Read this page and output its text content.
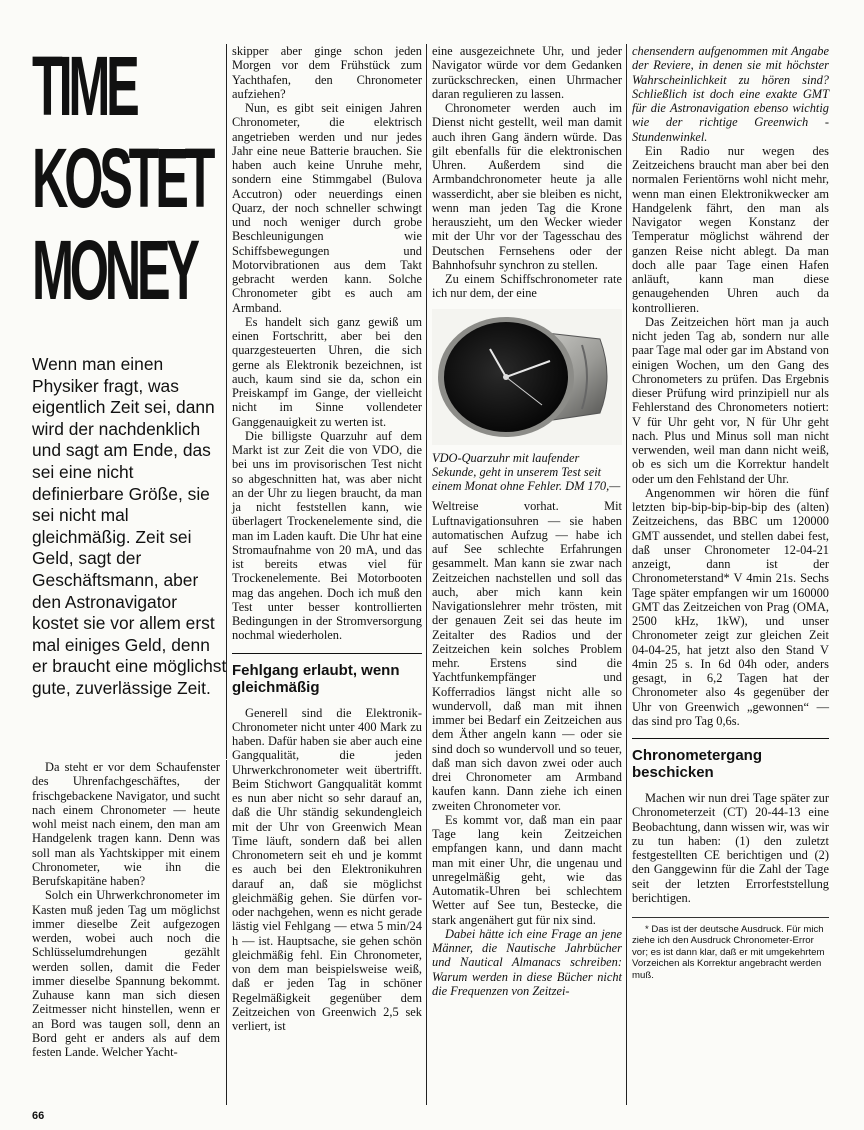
TIME
KOSTET
MONEY
Wenn man einen Physiker fragt, was eigentlich Zeit sei, dann wird der nachdenklich und sagt am Ende, das sei eine nicht definierbare Größe, sie sei nicht mal gleichmäßig. Zeit sei Geld, sagt der Geschäftsmann, aber den Astronavigator kostet sie vor allem erst mal einiges Geld, denn er braucht eine möglichst gute, zuverlässige Zeit.

Da steht er vor dem Schaufenster des Uhrenfachgeschäftes, der frischgebackene Navigator, und sucht nach einem Chronometer — heute wohl meist nach einem, den man am Handgelenk tragen kann. Denn was soll man als Yachtskipper mit einem Chronometer, wie ihn die Berufskapitäne haben?

Solch ein Uhrwerkchronometer im Kasten muß jeden Tag um möglichst immer dieselbe Zeit aufgezogen werden, wobei auch noch die Schlüsselumdrehungen gezählt werden sollen, damit die Feder immer dieselbe Spannung bekommt. Zuhause kann man sich diesen Zeitmesser nicht hinstellen, wenn er an Bord was taugen soll, denn an Bord geht er anders als auf dem festen Lande. Welcher Yacht-

skipper aber ginge schon jeden Morgen vor dem Frühstück zum Yachthafen, den Chronometer aufziehen?

Nun, es gibt seit einigen Jahren Chronometer, die elektrisch angetrieben werden und nur jedes Jahr eine neue Batterie brauchen. Sie haben auch keine Unruhe mehr, sondern eine Stimmgabel (Bulova Accutron) oder neuerdings einen Quarz, der noch schneller schwingt und noch weniger durch grobe Beschleunigungen wie Schiffsbewegungen und Motorvibrationen aus dem Takt gebracht werden kann. Solche Chronometer gibt es auch am Armband.

Es handelt sich ganz gewiß um einen Fortschritt, aber bei den quarzgesteuerten Uhren, die sich gerne als Elektronik bezeichnen, ist auch, kaum sind sie da, schon ein Preiskampf im Gange, der vielleicht nicht im Sinne vollendeter Ganggenauigkeit zu werten ist.

Die billigste Quarzuhr auf dem Markt ist zur Zeit die von VDO, die bei uns im provisorischen Test nicht so abgeschnitten hat, was aber nicht an der Uhr zu liegen braucht, da man ja nicht feststellen kann, wie überlagert Trockenelemente sind, die man im Laden kauft. Die Uhr hat eine Stromaufnahme von 20 mA, und das ist bereits etwas viel für Trockenelemente. Bei Motorbooten mag das angehen. Doch ich muß den Test unter besser kontrollierten Bedingungen in der Stromversorgung nochmal wiederholen.

Fehlgang erlaubt, wenn gleichmäßig

Generell sind die Elektronik-Chronometer nicht unter 400 Mark zu haben. Dafür haben sie aber auch eine Gangqualität, die jeden Uhrwerkchronometer weit übertrifft. Beim Stichwort Gangqualität kommt es nun aber nicht so sehr darauf an, daß die Uhr ständig sekundengleich mit der Uhr von Greenwich Mean Time läuft, sondern daß bei allen Chronometern seit eh und je kommt es auch bei den Elektronikuhren darauf an, daß sie möglichst gleichmäßig gehen. Sie dürfen vor- oder nachgehen, wenn es nicht gerade lästig viel Fehlgang — etwa 5 min/24 h — ist. Hauptsache, sie gehen schön gleichmäßig fehl. Ein Chronometer, von dem man beispielsweise weiß, daß er jeden Tag in schöner Regelmäßigkeit gegenüber dem Zeitzeichen von Greenwich 2,5 sek verliert, ist

eine ausgezeichnete Uhr, und jeder Navigator würde vor dem Gedanken zurückschrecken, einen Uhrmacher daran regulieren zu lassen.

Chronometer werden auch im Dienst nicht gestellt, weil man damit auch ihren Gang ändern würde. Das gilt ebenfalls für die elektronischen Uhren. Außerdem sind die Armbandchronometer heute ja alle wasserdicht, aber sie bleiben es nicht, wenn man jeden Tag die Krone herauszieht, um den Wecker wieder mit der Uhr vor der Tagesschau des Deutschen Fernsehens oder der Bahnhofsuhr synchron zu stellen.

Zu einem Schiffschronometer rate ich nur dem, der eine

VDO-Quarzuhr mit laufender Sekunde, geht in unserem Test seit einem Monat ohne Fehler. DM 170,—

Weltreise vorhat. Mit Luftnavigationsuhren — sie haben automatischen Aufzug — habe ich auf See schlechte Erfahrungen gesammelt. Man kann sie zwar nach Zeitzeichen nachstellen und soll das auch, aber mich kann kein Navigationslehrer mehr trösten, mit der genauen Zeit sei das heute im Zeitalter des Radios und der Zeitzeichen kein solches Problem mehr. Erstens sind die Yachtfunkempfänger und Kofferradios längst nicht alle so wundervoll, daß man mit ihnen immer bei Bedarf ein Zeitzeichen aus dem Äther angeln kann — oder sie sind doch so wundervoll und so teuer, daß man sich davon zwei oder auch drei Chronometer am Armband kaufen kann. Dann ziehe ich einen zweiten Chronometer vor.

Es kommt vor, daß man ein paar Tage lang kein Zeitzeichen empfangen kann, und dann macht man mit einer Uhr, die ungenau und unregelmäßig geht, wie das Automatik-Uhren bei schlechtem Wetter auf See tun, Bestecke, die stark angenähert gut für nix sind.

Dabei hätte ich eine Frage an jene Männer, die Nautische Jahrbücher und Nautical Almanacs schreiben: Warum werden in diese Bücher nicht die Frequenzen von Zeitzei-

chensendern aufgenommen mit Angabe der Reviere, in denen sie mit höchster Wahrscheinlichkeit zu hören sind? Schließlich ist doch eine exakte GMT für die Astronavigation ebenso wichtig wie der richtige Greenwich - Stundenwinkel.

Ein Radio nur wegen des Zeitzeichens braucht man aber bei den normalen Ferientörns wohl nicht mehr, wenn man einen Elektronikwecker am Handgelenk fährt, den man als Navigator wegen Konstanz der Temperatur möglichst während der ganzen Reise nicht ablegt. Da man doch alle paar Tage einen Hafen anläuft, kann man diese genaugehenden Uhren auch da kontrollieren.

Das Zeitzeichen hört man ja auch nicht jeden Tag ab, sondern nur alle paar Tage mal oder gar im Abstand von einigen Wochen, um den Gang des Chronometers zu prüfen. Das Ergebnis dieser Prüfung wird prinzipiell nur als Fehlerstand des Chronometers notiert: V für Uhr geht vor, N für Uhr geht nach. Plus und Minus soll man nicht verwenden, weil man dann nicht weiß, ob es sich um die Korrektur handelt oder um den Fehlstand der Uhr.

Angenommen wir hören die fünf letzten bip-bip-bip-bip-bip des (alten) Zeitzeichens, das BBC um 120000 GMT aussendet, und stellen dabei fest, daß unser Chronometer 12-04-21 anzeigt, dann ist der Chronometerstand* V 4min 21s. Sechs Tage später empfangen wir um 160000 GMT das Zeitzeichen von Prag (OMA, 2500 kHz, 1kW), und unser Chronometer zeigt zur gleichen Zeit 04-04-25, hat jetzt also den Stand V 4min 25 s. In 6d 04h oder, anders gesagt, in 6,2 Tagen hat der Chronometer also 4s gegenüber der Uhr von Greenwich „gewonnen“ — das sind pro Tag 0,6s.

Chronometergang beschicken

Machen wir nun drei Tage später zur Chronometerzeit (CT) 20-44-13 eine Beobachtung, dann wissen wir, was wir zu tun haben: (1) den zuletzt festgestellten CE berichtigen und (2) den Ganggewinn für die Zahl der Tage seit der letzten Errorfeststellung berichtigen.

* Das ist der deutsche Ausdruck. Für mich ziehe ich den Ausdruck Chronometer-Error vor; es ist dann klar, daß er mit umgekehrtem Vorzeichen als Korrektur angebracht werden muß.

66
